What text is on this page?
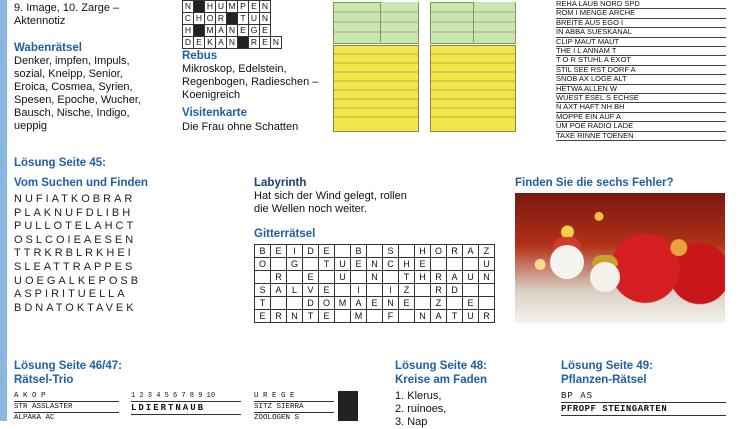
9. Image, 10. Zarge –
Aktennotiz
Wabenrätsel
Denker, impfen, Impuls,
sozial, Kneipp, Senior,
Eroica, Cosmea, Syrien,
Spesen, Epoche, Wucher,
Bausch, Nische, Indigo,
ueppig
N		H	U	M	P	E	N	
C	H	O	R		T	U	N	
H		M	A	N	E	G	E	
D	E	K	A	N		R	E	N
Rebus
Mikroskop, Edelstein,
Regenbogen, Radieschen –
Koenigreich
Visitenkarte
Die Frau ohne Schatten
REHA LAUB NORD SPD
ROM I MENGE ARCHE
BREITE AUS EGO I
IN ABBA SUESKANAL
CLIP MAUT MAUT
THE I L ANNAM T
T O R STUHL A EXOT
STIL SEE RST DORF A
SNOB AX LOGE ALT
HETWA ALLEN W
WUEST ESEL S ECHSE
N AXT HAFT NH BH
MOPPE EIN AUF A
UM POE RADIO LADE
TAXE RINNE TOENEN
Lösung Seite 45:
Vom Suchen und Finden
NUFIATKOBRAR
PLAKNUFDLIBH
PULLOTELAHCT
OSLCOIEAESEN
TTRKRBLRKHEI
SLEATTRAPPES
UOEGALKEPOSB
ASPIRITUELLA
BDNATOKTAVEK
Labyrinth
Hat sich der Wind gelegt, rollen
die Wellen noch weiter.
Gitterrätsel
B	E	I	D	E		B		S		H	O	R	A	Z
O		G		T	U	E	N	C	H	E				U
	R		E		U		N		T	H	R	A	U	N
S	A	L	V	E		I		I	Z		R	D		
T			D	O	M	A	E	N	E		Z		E	
E	R	N	T	E		M		F		N	A	T	U	R
Finden Sie die sechs Fehler?
Lösung Seite 46/47:
Rätsel-Trio
A K O P
STR ASSLASTER
ALPAKA AC
1 2 3 4 5 6 7 8 9 10
LDIERTNAUB
U R E G E
SITZ SIERRA
ZOOLOGEN S
Lösung Seite 48:
Kreise am Faden
1. Klerus,
2. ruinoes,
3. Nap
Lösung Seite 49:
Pflanzen-Rätsel
BP AS
PFROPF STEINGARTEN
